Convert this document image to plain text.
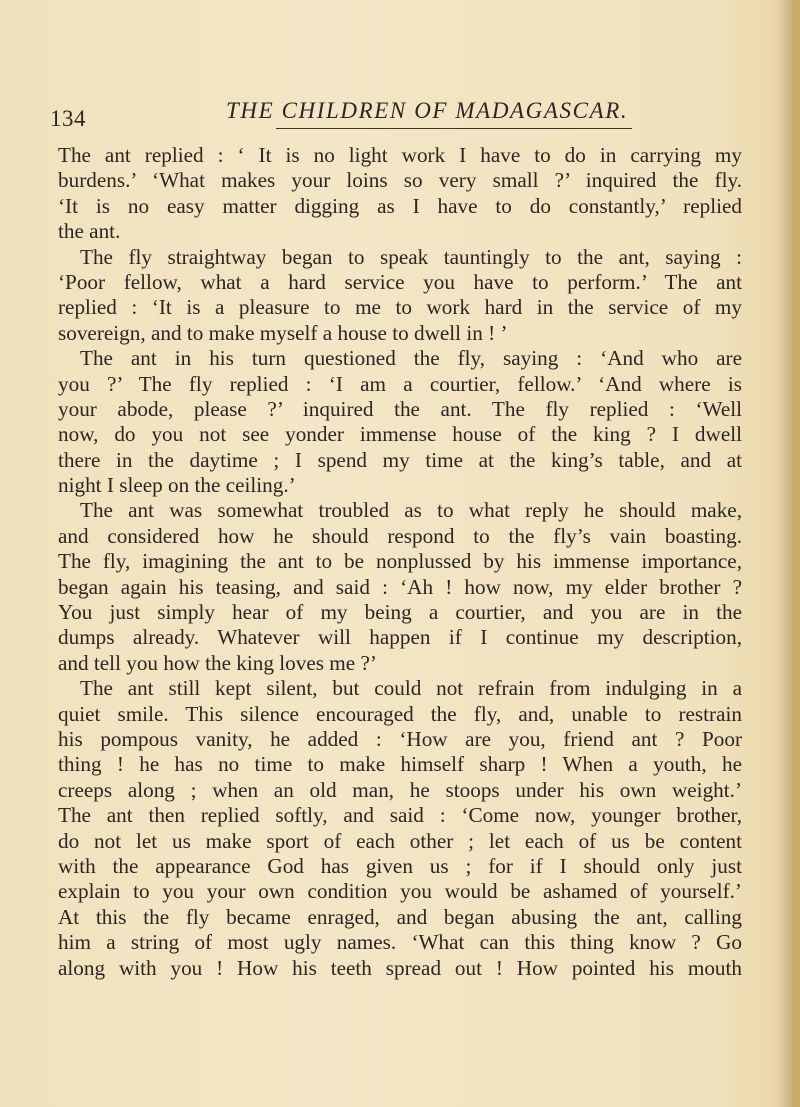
134	THE CHILDREN OF MADAGASCAR.
The ant replied : ‘ It is no light work I have to do in carrying my
burdens.’ ‘What makes your loins so very small ?’ inquired the fly.
‘It is no easy matter digging as I have to do constantly,’ replied
the ant.
The fly straightway began to speak tauntingly to the ant, saying :
‘Poor fellow, what a hard service you have to perform.’ The ant
replied : ‘It is a pleasure to me to work hard in the service of my
sovereign, and to make myself a house to dwell in ! ’
The ant in his turn questioned the fly, saying : ‘And who are
you ?’ The fly replied : ‘I am a courtier, fellow.’ ‘And where is
your abode, please ?’ inquired the ant. The fly replied : ‘Well
now, do you not see yonder immense house of the king ? I dwell
there in the daytime ; I spend my time at the king’s table, and at
night I sleep on the ceiling.’
The ant was somewhat troubled as to what reply he should make,
and considered how he should respond to the fly’s vain boasting.
The fly, imagining the ant to be nonplussed by his immense importance,
began again his teasing, and said : ‘Ah ! how now, my elder brother ?
You just simply hear of my being a courtier, and you are in the
dumps already. Whatever will happen if I continue my description,
and tell you how the king loves me ?’
The ant still kept silent, but could not refrain from indulging in a
quiet smile. This silence encouraged the fly, and, unable to restrain
his pompous vanity, he added : ‘How are you, friend ant ? Poor
thing ! he has no time to make himself sharp ! When a youth, he
creeps along ; when an old man, he stoops under his own weight.’
The ant then replied softly, and said : ‘Come now, younger brother,
do not let us make sport of each other ; let each of us be content
with the appearance God has given us ; for if I should only just
explain to you your own condition you would be ashamed of yourself.’
At this the fly became enraged, and began abusing the ant, calling
him a string of most ugly names. ‘What can this thing know ? Go
along with you ! How his teeth spread out ! How pointed his mouth
